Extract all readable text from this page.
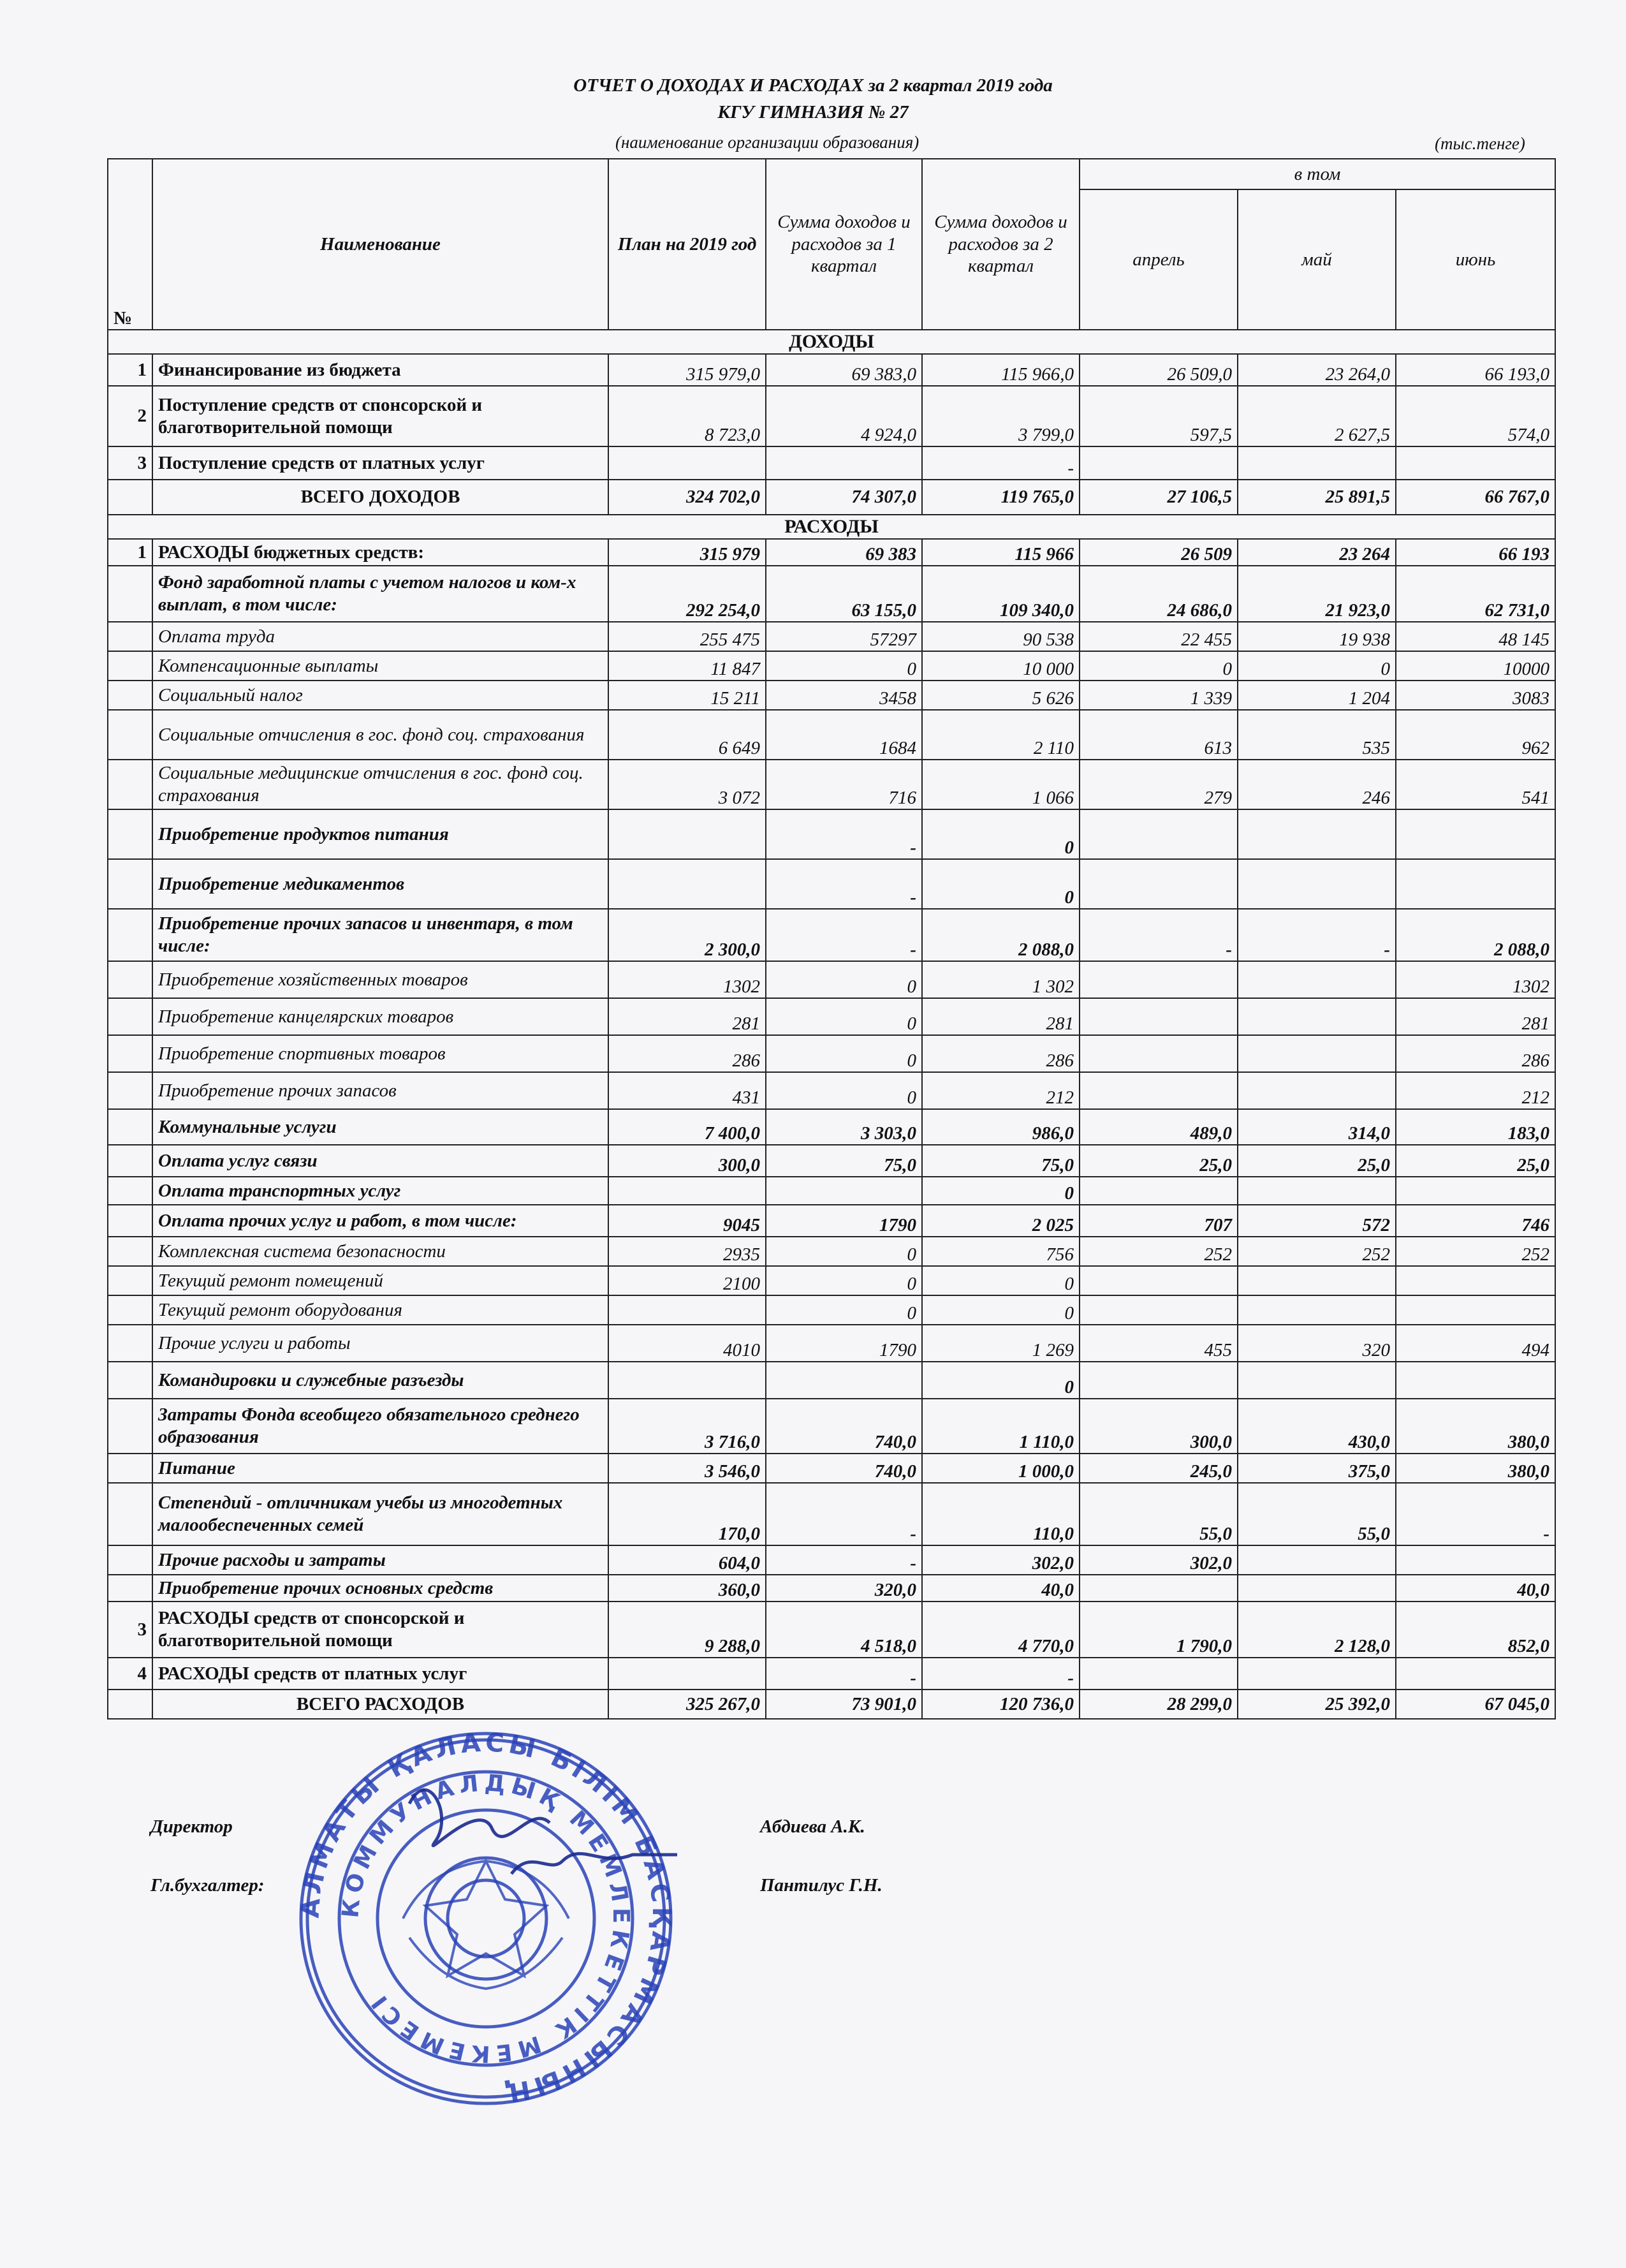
ОТЧЕТ О ДОХОДАХ И РАСХОДАХ за 2 квартал 2019 года
КГУ ГИМНАЗИЯ № 27
(наименование организации образования)	(тыс.тенге)
№	Наименование	План на 2019 год	Сумма доходов и расходов за 1 квартал	Сумма доходов и расходов за 2 квартал	в том		
					апрель	май	июнь
ДОХОДЫ							
1	Финансирование из бюджета	315 979,0	69 383,0	115 966,0	26 509,0	23 264,0	66 193,0
2	Поступление средств от спонсорской и благотворительной помощи	8 723,0	4 924,0	3 799,0	597,5	2 627,5	574,0
3	Поступление средств от платных услуг			-			
	ВСЕГО ДОХОДОВ	324 702,0	74 307,0	119 765,0	27 106,5	25 891,5	66 767,0
РАСХОДЫ							
1	РАСХОДЫ бюджетных средств:	315 979	69 383	115 966	26 509	23 264	66 193
	Фонд заработной платы с учетом налогов и ком-х выплат, в том числе:	292 254,0	63 155,0	109 340,0	24 686,0	21 923,0	62 731,0
	Оплата труда	255 475	57297	90 538	22 455	19 938	48 145
	Компенсационные выплаты	11 847	0	10 000	0	0	10000
	Социальный налог	15 211	3458	5 626	1 339	1 204	3083
	Социальные отчисления в гос. фонд соц. страхования	6 649	1684	2 110	613	535	962
	Социальные медицинские отчисления в гос. фонд соц. страхования	3 072	716	1 066	279	246	541
	Приобретение продуктов питания		-	0			
	Приобретение медикаментов		-	0			
	Приобретение прочих запасов и инвентаря, в том числе:	2 300,0	-	2 088,0	-	-	2 088,0
	Приобретение хозяйственных товаров	1302	0	1 302			1302
	Приобретение канцелярских товаров	281	0	281			281
	Приобретение спортивных товаров	286	0	286			286
	Приобретение прочих запасов	431	0	212			212
	Коммунальные услуги	7 400,0	3 303,0	986,0	489,0	314,0	183,0
	Оплата услуг связи	300,0	75,0	75,0	25,0	25,0	25,0
	Оплата транспортных услуг			0			
	Оплата прочих услуг и работ, в том числе:	9045	1790	2 025	707	572	746
	Комплексная система безопасности	2935	0	756	252	252	252
	Текущий ремонт помещений	2100	0	0			
	Текущий ремонт оборудования		0	0			
	Прочие услуги и работы	4010	1790	1 269	455	320	494
	Командировки и служебные разъезды			0			
	Затраты Фонда всеобщего обязательного среднего образования	3 716,0	740,0	1 110,0	300,0	430,0	380,0
	Питание	3 546,0	740,0	1 000,0	245,0	375,0	380,0
	Степендий - отличникам учебы из многодетных малообеспеченных семей	170,0	-	110,0	55,0	55,0	-
	Прочие расходы и затраты	604,0	-	302,0	302,0		
	Приобретение прочих основных средств	360,0	320,0	40,0			40,0
3	РАСХОДЫ средств от спонсорской и благотворительной помощи	9 288,0	4 518,0	4 770,0	1 790,0	2 128,0	852,0
4	РАСХОДЫ средств от платных услуг		-	-			
	ВСЕГО РАСХОДОВ	325 267,0	73 901,0	120 736,0	28 299,0	25 392,0	67 045,0
Директор	Абдиева А.К.
Гл.бухгалтер:	Пантилус Г.Н.
АЛМАТЫ ҚАЛАСЫ БІЛІМ БАСҚАРМАСЫНЫҢ
КОММУНАЛДЫҚ МЕМЛЕКЕТТІК МЕКЕМЕСІ
